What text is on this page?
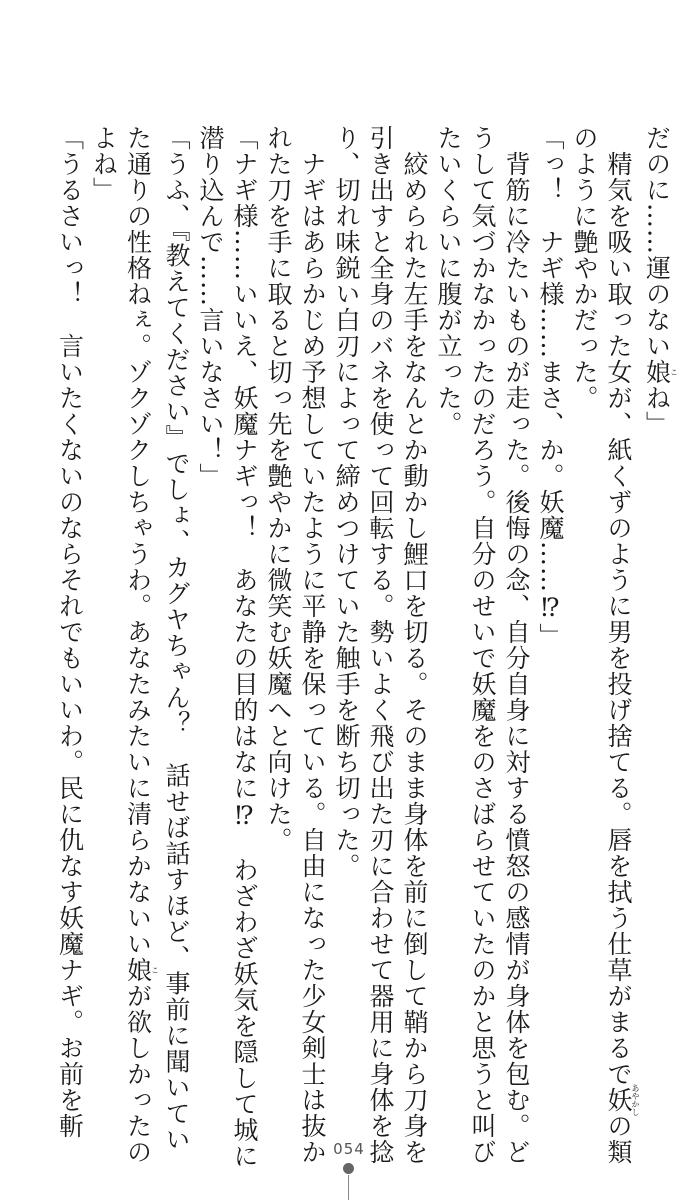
だのに……運のない娘こね」
　精気を吸い取った女が、紙くずのように男を投げ捨てる。唇を拭う仕草がまるで妖あやかしの類
のように艶やかだった。
「っ！　ナギ様……まさ、か。妖魔……⁉」
　背筋に冷たいものが走った。後悔の念、自分自身に対する憤怒の感情が身体を包む。ど
うして気づかなかったのだろう。自分のせいで妖魔をのさばらせていたのかと思うと叫び
たいくらいに腹が立った。
　絞められた左手をなんとか動かし鯉口を切る。そのまま身体を前に倒して鞘から刀身を
引き出すと全身のバネを使って回転する。勢いよく飛び出た刃に合わせて器用に身体を捻
り、切れ味鋭い白刃によって締めつけていた触手を断ち切った。
　ナギはあらかじめ予想していたように平静を保っている。自由になった少女剣士は抜か
れた刀を手に取ると切っ先を艶やかに微笑む妖魔へと向けた。
「ナギ様……いいえ、妖魔ナギっ！　あなたの目的はなに⁉　わざわざ妖気を隠して城に
潜り込んで……言いなさい！」
「うふ、『教えてください』でしょ、カグヤちゃん？　話せば話すほど、事前に聞いてい
た通りの性格ねぇ。ゾクゾクしちゃうわ。あなたみたいに清らかないい娘こが欲しかったの
よね」
「うるさいっ！　言いたくないのならそれでもいいわ。民に仇なす妖魔ナギ。お前を斬
054
